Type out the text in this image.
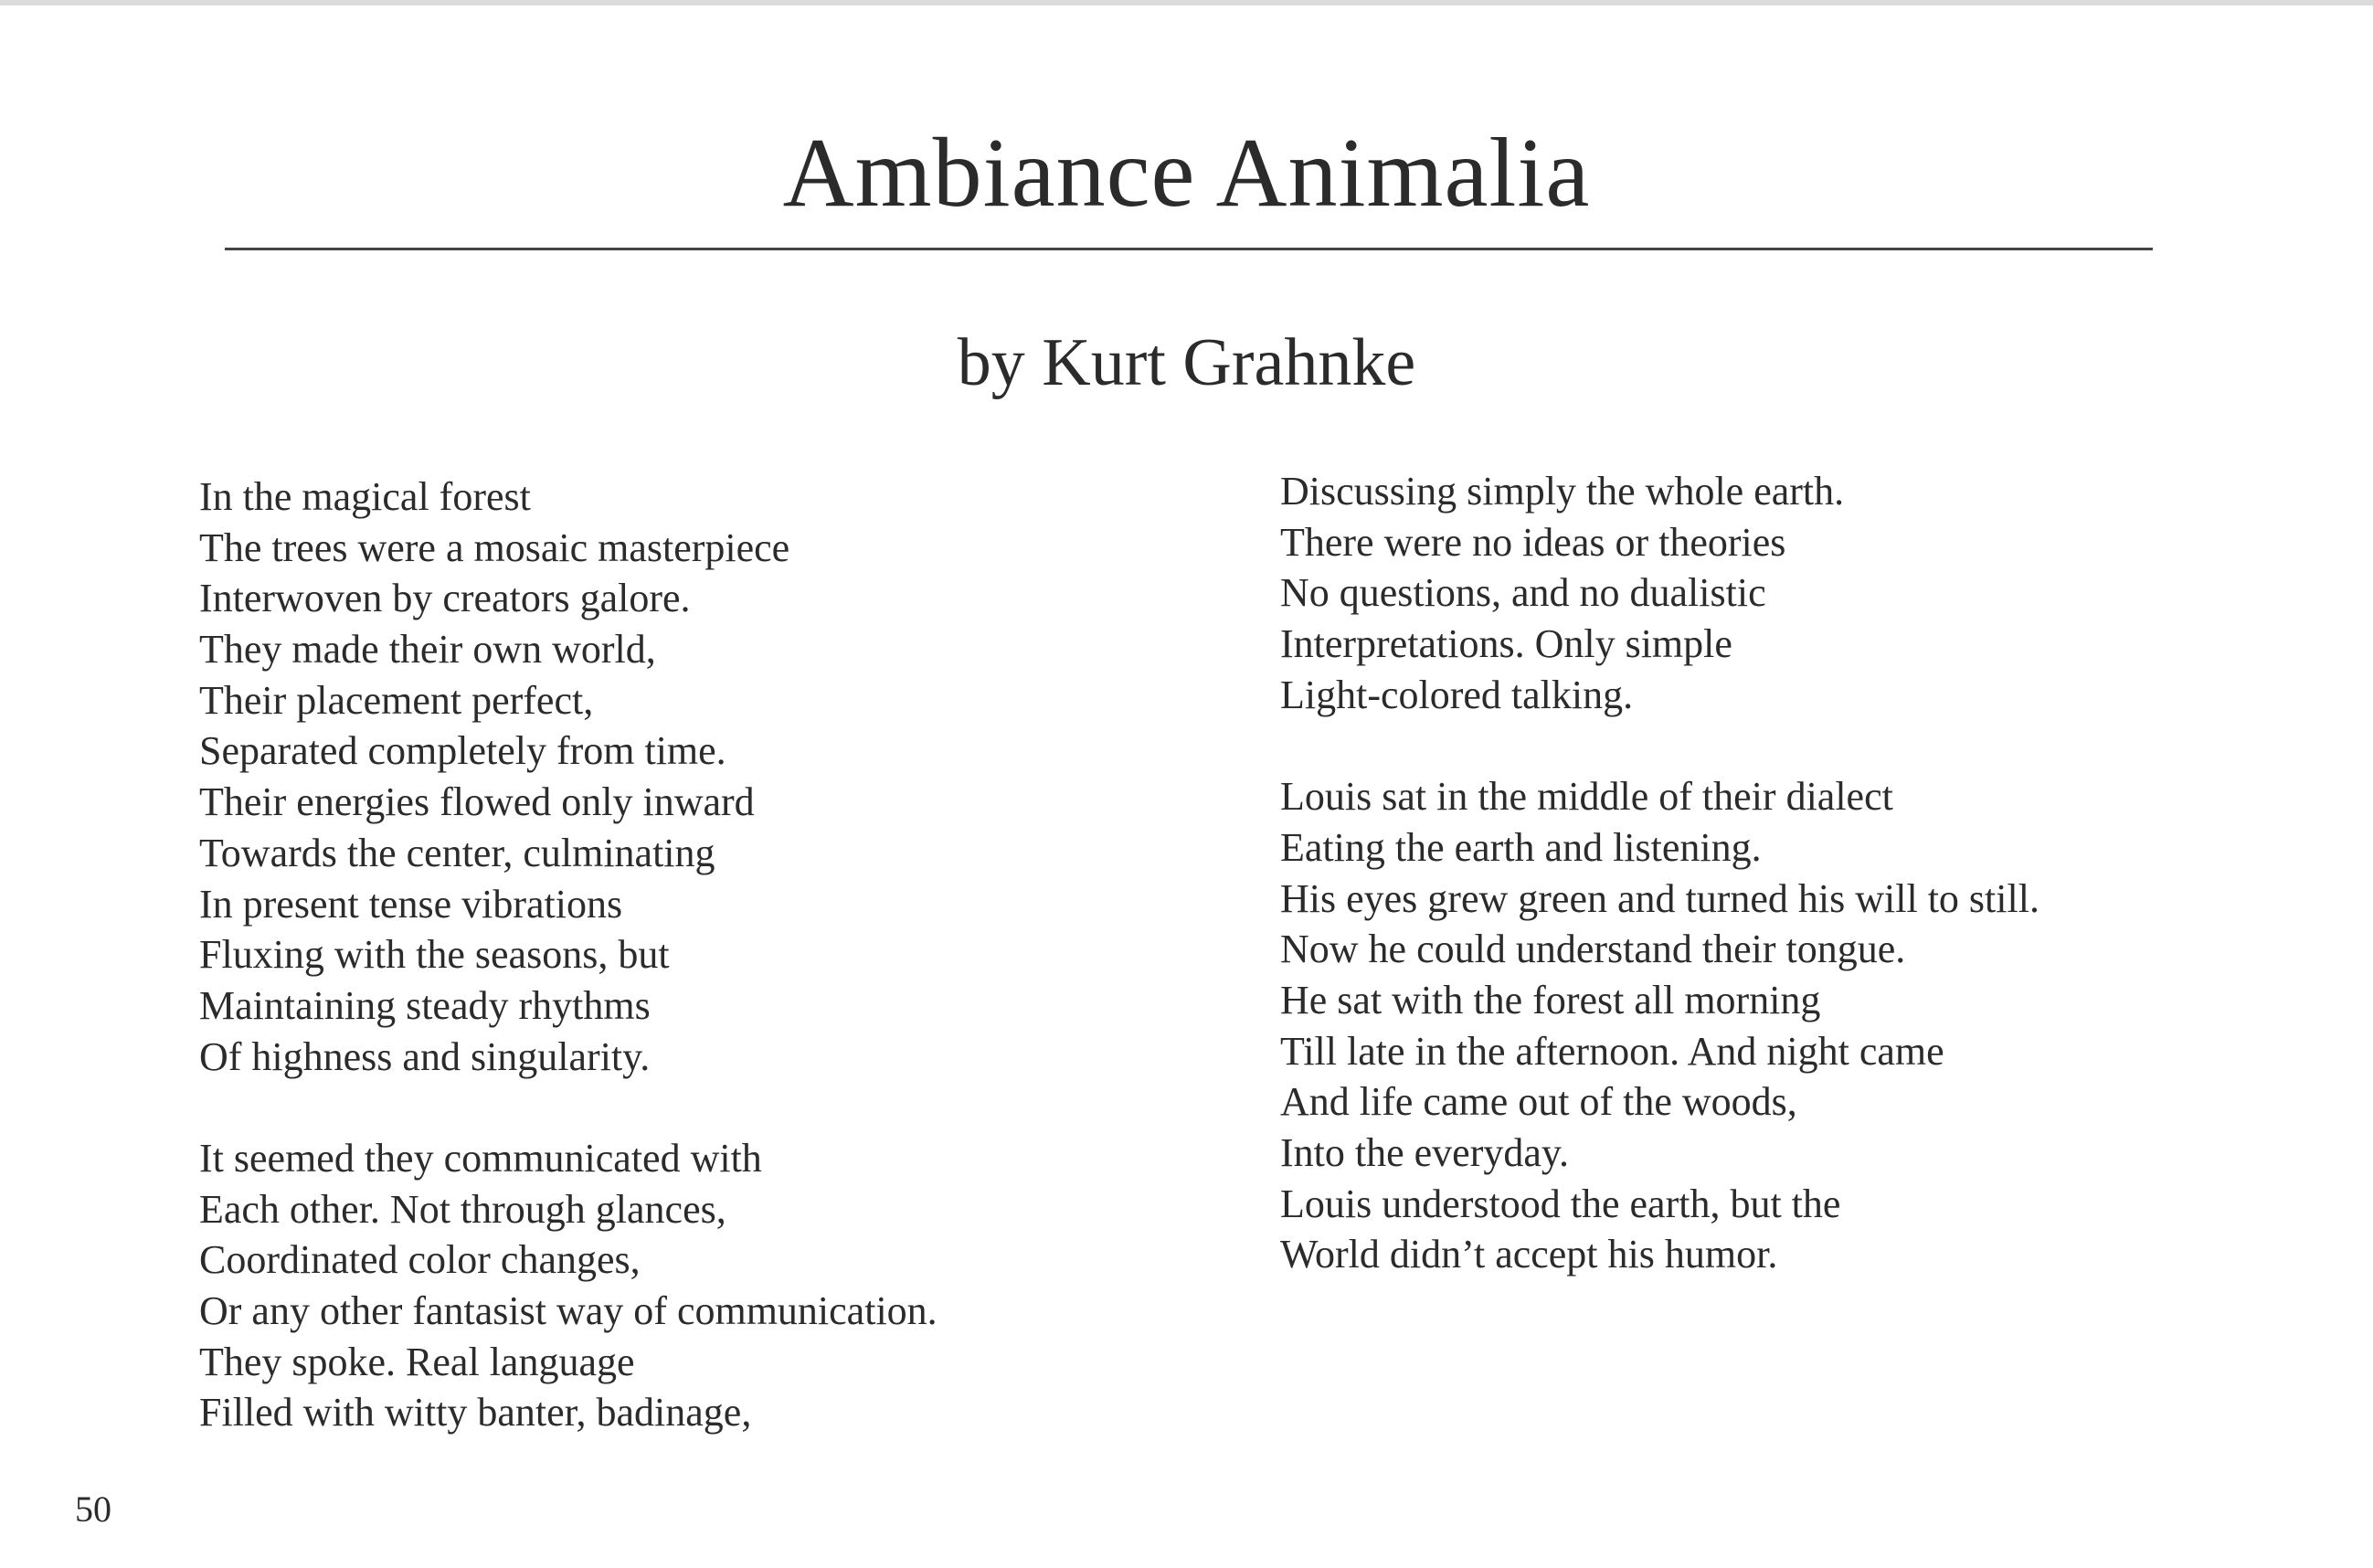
Ambiance Animalia
by Kurt Grahnke
In the magical forest
The trees were a mosaic masterpiece
Interwoven by creators galore.
They made their own world,
Their placement perfect,
Separated completely from time.
Their energies flowed only inward
Towards the center, culminating
In present tense vibrations
Fluxing with the seasons, but
Maintaining steady rhythms
Of highness and singularity.
It seemed they communicated with
Each other. Not through glances,
Coordinated color changes,
Or any other fantasist way of communication.
They spoke. Real language
Filled with witty banter, badinage,
Discussing simply the whole earth.
There were no ideas or theories
No questions, and no dualistic
Interpretations. Only simple
Light-colored talking.
Louis sat in the middle of their dialect
Eating the earth and listening.
His eyes grew green and turned his will to still.
Now he could understand their tongue.
He sat with the forest all morning
Till late in the afternoon. And night came
And life came out of the woods,
Into the everyday.
Louis understood the earth, but the
World didn’t accept his humor.
50
